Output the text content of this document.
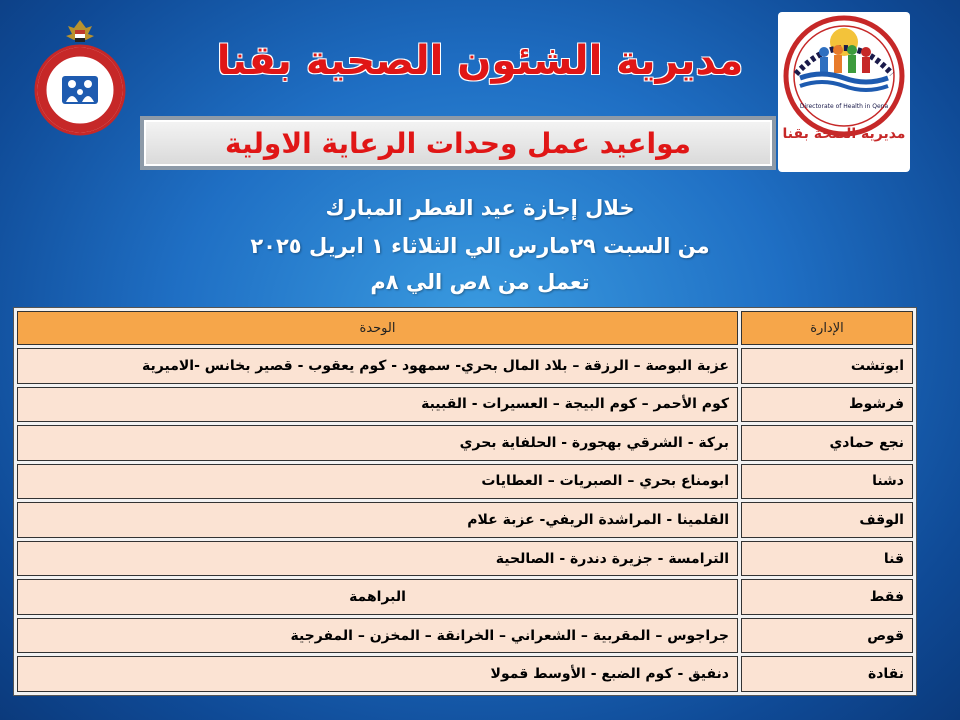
Directorate of Health in Qena
مديرية الصحة بقنا
مديرية الشئون الصحية بقنا
مواعيد عمل وحدات الرعاية الاولية
خلال إجازة عيد الفطر المبارك
من السبت ٢٩مارس الي الثلاثاء ١ ابريل ٢٠٢٥
تعمل من ٨ص الي ٨م
الإدارة	الوحدة
ابوتشت	عزبة البوصة – الرزقة – بلاد المال بحري- سمهود - كوم يعقوب - قصير بخانس -الاميرية
فرشوط	كوم الأحمر – كوم البيجة – العسيرات - القبيبة
نجع حمادي	بركة - الشرقي بهجورة - الحلفاية بحري
دشنا	ابومناع بحري – الصبريات – العطايات
الوقف	القلمينا - المراشدة الريفي- عزبة علام
قنا	الترامسة - جزيرة دندرة - الصالحية
فقط	البراهمة
قوص	جراجوس – المقربية – الشعراني – الخرانقة – المخزن – المفرجية
نقادة	دنفيق - كوم الضبع - الأوسط قمولا
